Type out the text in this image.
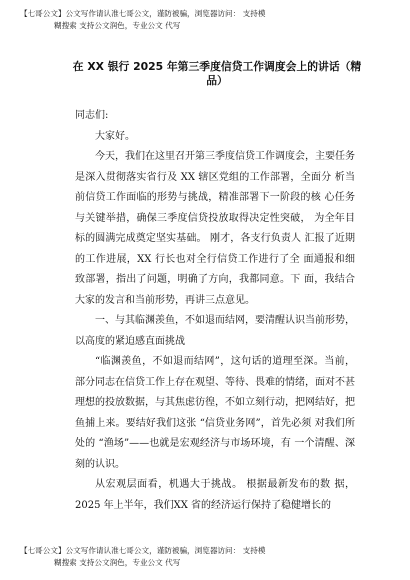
【七哥公文】公文写作请认准七哥公文，谨防被骗，浏览器访问： 支持模
糊搜索 支持公文润色，专业公文 代写
在 XX 银行 2025 年第三季度信贷工作调度会上的讲话（精
品）

同志们:

大家好。

今天，我们在这里召开第三季度信贷工作调度会，主要任务是深入贯彻落实省行及 XX 辖区党组的工作部署，全面分 析当前信贷工作面临的形势与挑战，精准部署下一阶段的核 心任务与关键举措，确保三季度信贷投放取得决定性突破， 为全年目标的圆满完成奠定坚实基础。 刚才，各支行负责人 汇报了近期的工作进展，XX 行长也对全行信贷工作进行了全 面通报和细致部署，指出了问题，明确了方向，我都同意。下 面，我结合大家的发言和当前形势，再讲三点意见。

一、与其临渊羡鱼，不如退而结网，要清醒认识当前形势，以高度的紧迫感直面挑战

“临渊羡鱼，不如退而结网”，这句话的道理至深。当前，部分同志在信贷工作上存在观望、等待、畏难的情绪，面对不甚理想的投放数据，与其焦虑彷徨，不如立刻行动，把网结好，把鱼捕上来。要结好我们这张 “信贷业务网”，首先必须 对我们所处的 “渔场”——也就是宏观经济与市场环境，有 一个清醒、深刻的认识。

从宏观层面看，机遇大于挑战。 根据最新发布的数 据，2025 年上半年，我们XX 省的经济运行保持了稳健增长的

【七哥公文】公文写作请认准七哥公文，谨防被骗，浏览器访问： 支持模
糊搜索 支持公文润色，专业公文 代写
